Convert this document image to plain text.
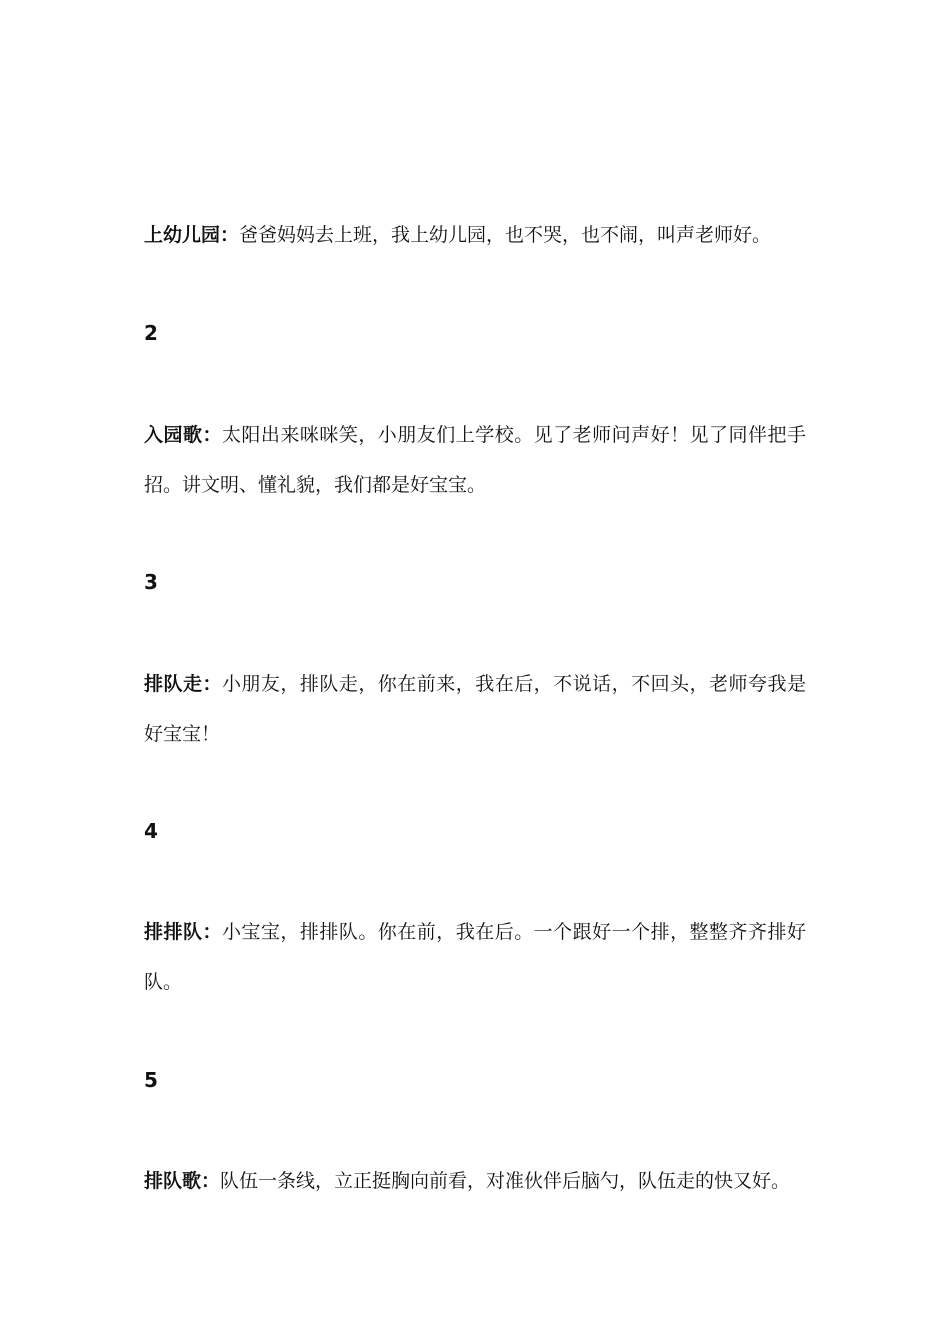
上幼儿园：爸爸妈妈去上班，我上幼儿园，也不哭，也不闹，叫声老师好。

2

入园歌：太阳出来咪咪笑，小朋友们上学校。见了老师问声好！见了同伴把手招。讲文明、懂礼貌，我们都是好宝宝。

3

排队走：小朋友，排队走，你在前来，我在后，不说话，不回头，老师夸我是好宝宝！

4

排排队：小宝宝，排排队。你在前，我在后。一个跟好一个排，整整齐齐排好队。

5

排队歌：队伍一条线，立正挺胸向前看，对准伙伴后脑勺，队伍走的快又好。
